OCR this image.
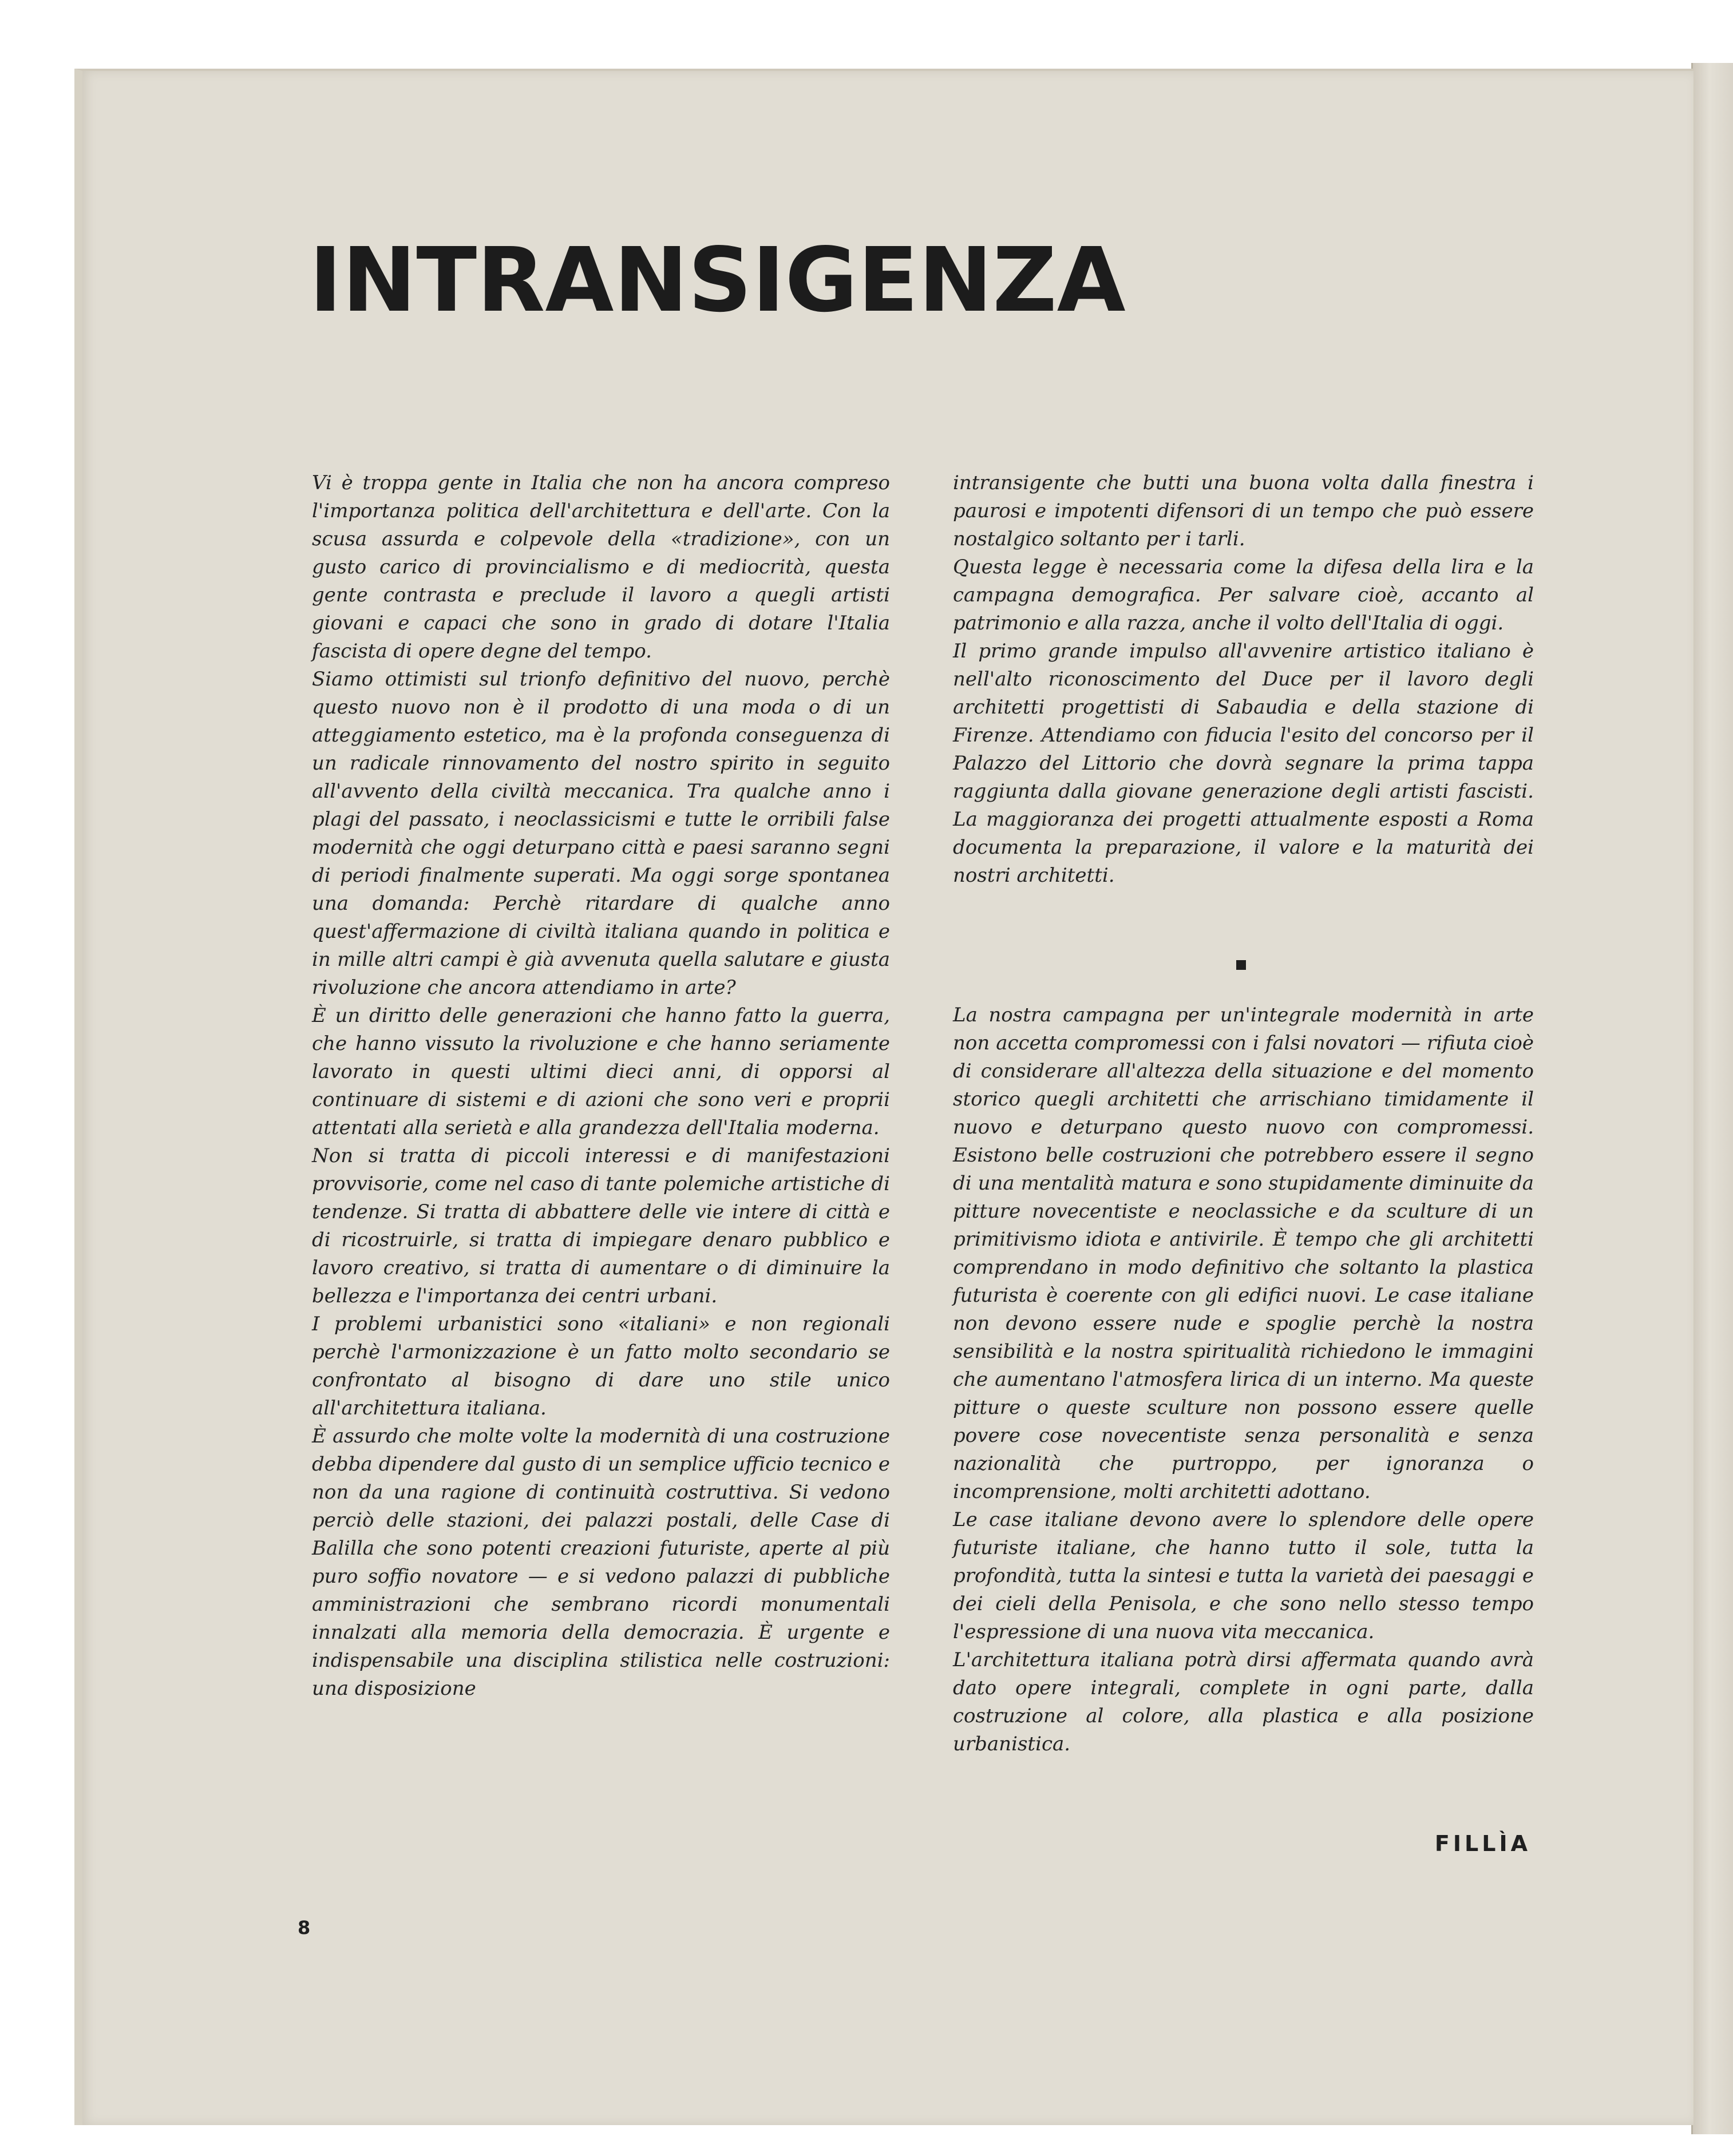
INTRANSIGENZA

Vi è troppa gente in Italia che non ha ancora compreso l'importanza politica dell'architettura e dell'arte. Con la scusa assurda e colpevole della «tradizione», con un gusto carico di provincialismo e di mediocrità, questa gente contrasta e preclude il lavoro a quegli artisti giovani e capaci che sono in grado di dotare l'Italia fascista di opere degne del tempo.

Siamo ottimisti sul trionfo definitivo del nuovo, perchè questo nuovo non è il prodotto di una moda o di un atteggiamento estetico, ma è la profonda conseguenza di un radicale rinnovamento del nostro spirito in seguito all'avvento della civiltà meccanica. Tra qualche anno i plagi del passato, i neoclassicismi e tutte le orribili false modernità che oggi deturpano città e paesi saranno segni di periodi finalmente superati. Ma oggi sorge spontanea una domanda: Perchè ritardare di qualche anno quest'affermazione di civiltà italiana quando in politica e in mille altri campi è già avvenuta quella salutare e giusta rivoluzione che ancora attendiamo in arte?

È un diritto delle generazioni che hanno fatto la guerra, che hanno vissuto la rivoluzione e che hanno seriamente lavorato in questi ultimi dieci anni, di opporsi al continuare di sistemi e di azioni che sono veri e proprii attentati alla serietà e alla grandezza dell'Italia moderna.

Non si tratta di piccoli interessi e di manifestazioni provvisorie, come nel caso di tante polemiche artistiche di tendenze. Si tratta di abbattere delle vie intere di città e di ricostruirle, si tratta di impiegare denaro pubblico e lavoro creativo, si tratta di aumentare o di diminuire la bellezza e l'importanza dei centri urbani.

I problemi urbanistici sono «italiani» e non regionali perchè l'armonizzazione è un fatto molto secondario se confrontato al bisogno di dare uno stile unico all'architettura italiana.

È assurdo che molte volte la modernità di una costruzione debba dipendere dal gusto di un semplice ufficio tecnico e non da una ragione di continuità costruttiva. Si vedono perciò delle stazioni, dei palazzi postali, delle Case di Balilla che sono potenti creazioni futuriste, aperte al più puro soffio novatore — e si vedono palazzi di pubbliche amministrazioni che sembrano ricordi monumentali innalzati alla memoria della democrazia. È urgente e indispensabile una disciplina stilistica nelle costruzioni: una disposizione

intransigente che butti una buona volta dalla finestra i paurosi e impotenti difensori di un tempo che può essere nostalgico soltanto per i tarli.

Questa legge è necessaria come la difesa della lira e la campagna demografica. Per salvare cioè, accanto al patrimonio e alla razza, anche il volto dell'Italia di oggi.

Il primo grande impulso all'avvenire artistico italiano è nell'alto riconoscimento del Duce per il lavoro degli architetti progettisti di Sabaudia e della stazione di Firenze. Attendiamo con fiducia l'esito del concorso per il Palazzo del Littorio che dovrà segnare la prima tappa raggiunta dalla giovane generazione degli artisti fascisti. La maggioranza dei progetti attualmente esposti a Roma documenta la preparazione, il valore e la maturità dei nostri architetti.

La nostra campagna per un'integrale modernità in arte non accetta compromessi con i falsi novatori — rifiuta cioè di considerare all'altezza della situazione e del momento storico quegli architetti che arrischiano timidamente il nuovo e deturpano questo nuovo con compromessi. Esistono belle costruzioni che potrebbero essere il segno di una mentalità matura e sono stupidamente diminuite da pitture novecentiste e neoclassiche e da sculture di un primitivismo idiota e antivirile. È tempo che gli architetti comprendano in modo definitivo che soltanto la plastica futurista è coerente con gli edifici nuovi. Le case italiane non devono essere nude e spoglie perchè la nostra sensibilità e la nostra spiritualità richiedono le immagini che aumentano l'atmosfera lirica di un interno. Ma queste pitture o queste sculture non possono essere quelle povere cose novecentiste senza personalità e senza nazionalità che purtroppo, per ignoranza o incomprensione, molti architetti adottano.

Le case italiane devono avere lo splendore delle opere futuriste italiane, che hanno tutto il sole, tutta la profondità, tutta la sintesi e tutta la varietà dei paesaggi e dei cieli della Penisola, e che sono nello stesso tempo l'espressione di una nuova vita meccanica.

L'architettura italiana potrà dirsi affermata quando avrà dato opere integrali, complete in ogni parte, dalla costruzione al colore, alla plastica e alla posizione urbanistica.

FILLÌA

8
